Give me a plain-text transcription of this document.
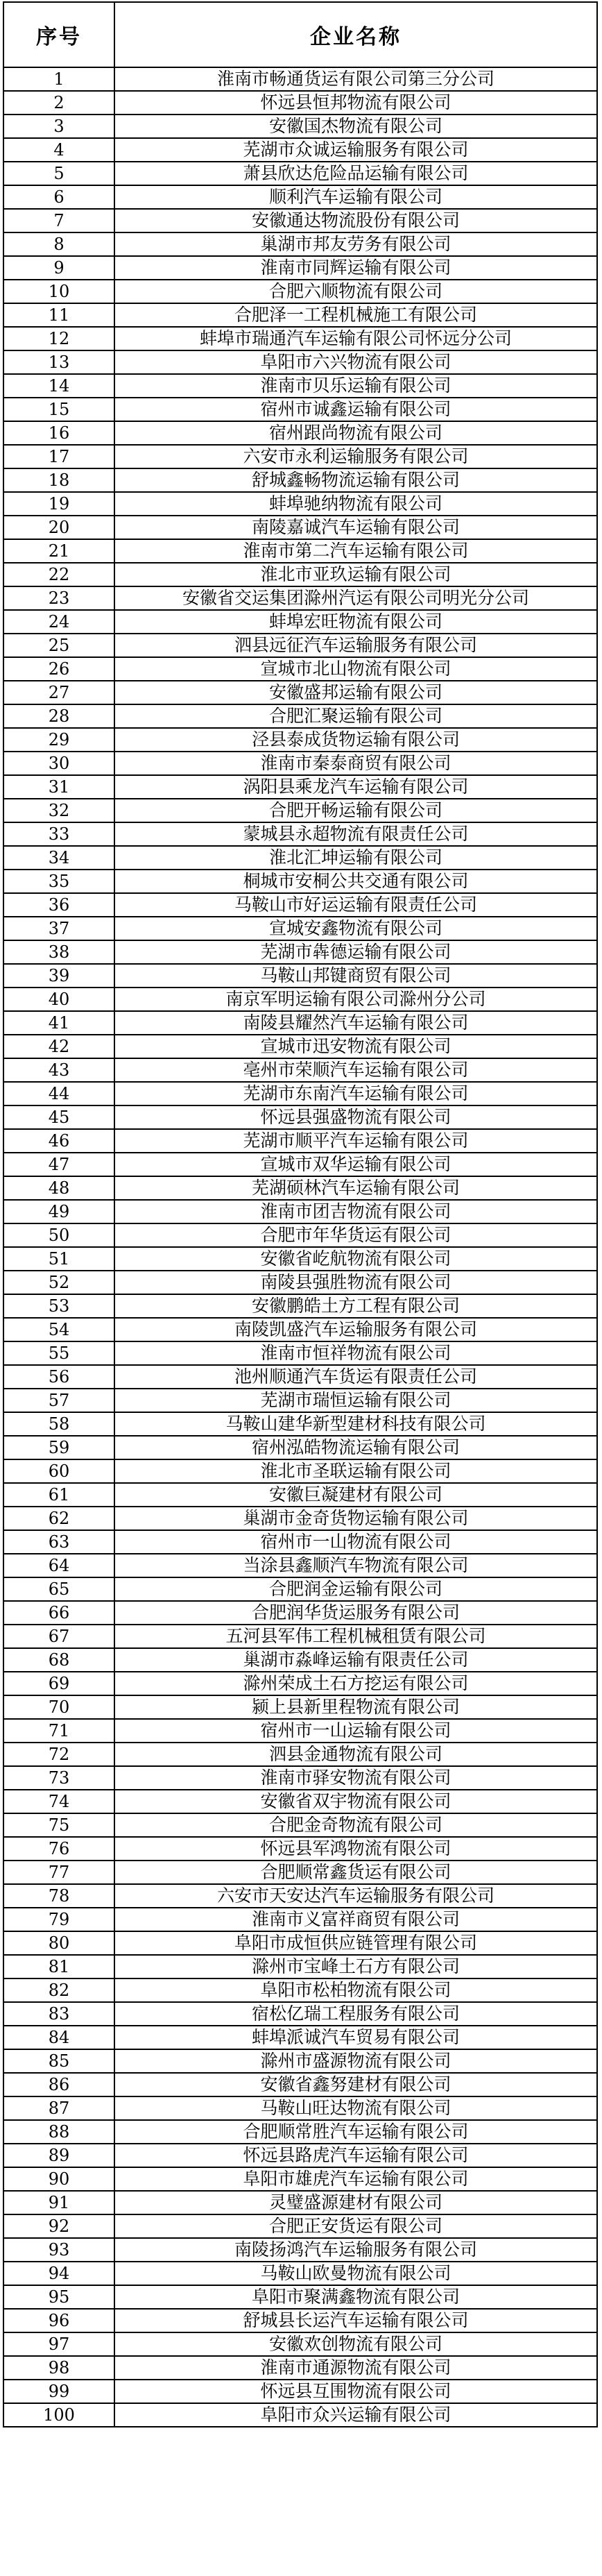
序号	企业名称
1	淮南市畅通货运有限公司第三分公司
2	怀远县恒邦物流有限公司
3	安徽国杰物流有限公司
4	芜湖市众诚运输服务有限公司
5	萧县欣达危险品运输有限公司
6	顺利汽车运输有限公司
7	安徽通达物流股份有限公司
8	巢湖市邦友劳务有限公司
9	淮南市同辉运输有限公司
10	合肥六顺物流有限公司
11	合肥泽一工程机械施工有限公司
12	蚌埠市瑞通汽车运输有限公司怀远分公司
13	阜阳市六兴物流有限公司
14	淮南市贝乐运输有限公司
15	宿州市诚鑫运输有限公司
16	宿州跟尚物流有限公司
17	六安市永利运输服务有限公司
18	舒城鑫畅物流运输有限公司
19	蚌埠驰纳物流有限公司
20	南陵嘉诚汽车运输有限公司
21	淮南市第二汽车运输有限公司
22	淮北市亚玖运输有限公司
23	安徽省交运集团滁州汽运有限公司明光分公司
24	蚌埠宏旺物流有限公司
25	泗县远征汽车运输服务有限公司
26	宣城市北山物流有限公司
27	安徽盛邦运输有限公司
28	合肥汇聚运输有限公司
29	泾县泰成货物运输有限公司
30	淮南市秦泰商贸有限公司
31	涡阳县乘龙汽车运输有限公司
32	合肥开畅运输有限公司
33	蒙城县永超物流有限责任公司
34	淮北汇坤运输有限公司
35	桐城市安桐公共交通有限公司
36	马鞍山市好运运输有限责任公司
37	宣城安鑫物流有限公司
38	芜湖市犇德运输有限公司
39	马鞍山邦键商贸有限公司
40	南京军明运输有限公司滁州分公司
41	南陵县耀然汽车运输有限公司
42	宣城市迅安物流有限公司
43	亳州市荣顺汽车运输有限公司
44	芜湖市东南汽车运输有限公司
45	怀远县强盛物流有限公司
46	芜湖市顺平汽车运输有限公司
47	宣城市双华运输有限公司
48	芜湖硕林汽车运输有限公司
49	淮南市团吉物流有限公司
50	合肥市年华货运有限公司
51	安徽省屹航物流有限公司
52	南陵县强胜物流有限公司
53	安徽鹏皓土方工程有限公司
54	南陵凯盛汽车运输服务有限公司
55	淮南市恒祥物流有限公司
56	池州顺通汽车货运有限责任公司
57	芜湖市瑞恒运输有限公司
58	马鞍山建华新型建材科技有限公司
59	宿州泓皓物流运输有限公司
60	淮北市圣联运输有限公司
61	安徽巨凝建材有限公司
62	巢湖市金奇货物运输有限公司
63	宿州市一山物流有限公司
64	当涂县鑫顺汽车物流有限公司
65	合肥润金运输有限公司
66	合肥润华货运服务有限公司
67	五河县军伟工程机械租赁有限公司
68	巢湖市淼峰运输有限责任公司
69	滁州荣成土石方挖运有限公司
70	颍上县新里程物流有限公司
71	宿州市一山运输有限公司
72	泗县金通物流有限公司
73	淮南市驿安物流有限公司
74	安徽省双宇物流有限公司
75	合肥金奇物流有限公司
76	怀远县军鸿物流有限公司
77	合肥顺常鑫货运有限公司
78	六安市天安达汽车运输服务有限公司
79	淮南市义富祥商贸有限公司
80	阜阳市成恒供应链管理有限公司
81	滁州市宝峰土石方有限公司
82	阜阳市松柏物流有限公司
83	宿松亿瑞工程服务有限公司
84	蚌埠派诚汽车贸易有限公司
85	滁州市盛源物流有限公司
86	安徽省鑫努建材有限公司
87	马鞍山旺达物流有限公司
88	合肥顺常胜汽车运输有限公司
89	怀远县路虎汽车运输有限公司
90	阜阳市雄虎汽车运输有限公司
91	灵璧盛源建材有限公司
92	合肥正安货运有限公司
93	南陵扬鸿汽车运输服务有限公司
94	马鞍山欧曼物流有限公司
95	阜阳市聚满鑫物流有限公司
96	舒城县长运汽车运输有限公司
97	安徽欢创物流有限公司
98	淮南市通源物流有限公司
99	怀远县互围物流有限公司
100	阜阳市众兴运输有限公司
